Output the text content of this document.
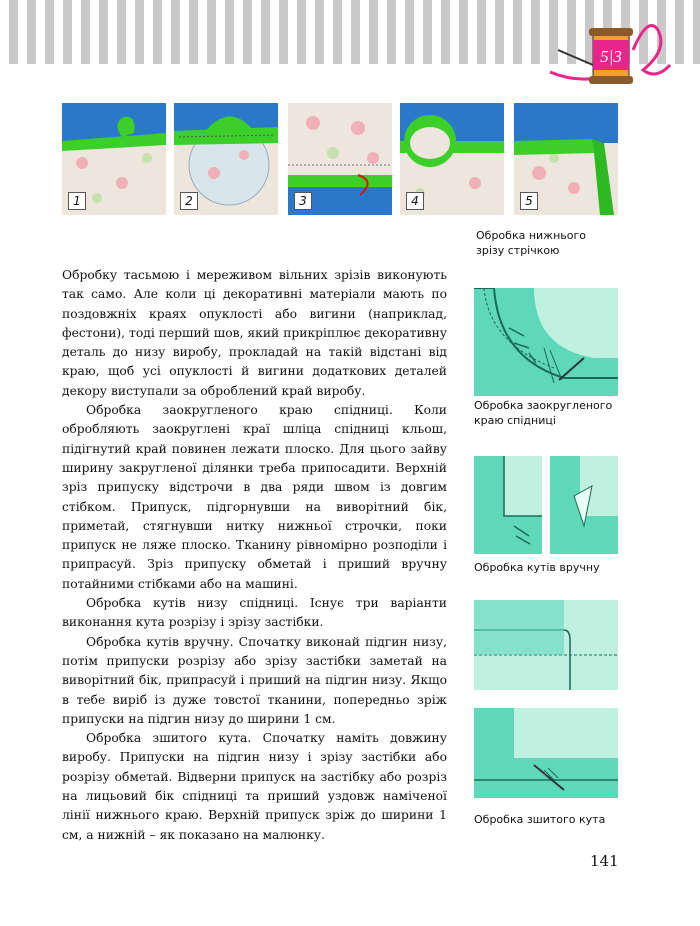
5|3
1	2	3	4	5
Обробка нижнього зрізу стрічкою

Обробку тасьмою і мереживом вільних зрізів виконують так само. Але коли ці декоративні матеріали мають по поздовжніх краях опуклості або вигини (наприклад, фестони), тоді перший шов, який прикріплює декоративну деталь до низу виробу, прокладай на такій відстані від краю, щоб усі опуклості й вигини додаткових деталей декору виступали за оброблений край виробу.

Обробка заокругленого краю спідниці. Коли обробляють заокруглені краї шліца спідниці кльош, підігнутий край повинен лежати плоско. Для цього зайву ширину закругленої ділянки треба припосадити. Верхній зріз припуску відстрочи в два ряди швом із довгим стібком. Припуск, підгорнувши на виворітний бік, приметай, стягнувши нитку нижньої строчки, поки припуск не ляже плоско. Тканину рівномірно розподіли і припрасуй. Зріз припуску обметай і приший вручну потайними стібками або на машині.

Обробка кутів низу спідниці. Існує три варіанти виконання кута розрізу і зрізу застібки.

Обробка кутів вручну. Спочатку виконай підгин низу, потім припуски розрізу або зрізу застібки заметай на виворітний бік, припрасуй і приший на підгин низу. Якщо в тебе виріб із дуже товстої тканини, попередньо зріж припуски на підгин низу до ширини 1 см.

Обробка зшитого кута. Спочатку наміть довжину виробу. Припуски на підгин низу і зрізу застібки або розрізу обметай. Відверни припуск на застібку або розріз на лицьовий бік спідниці та приший уздовж наміченої лінії нижнього краю. Верхній припуск зріж до ширини 1 см, а нижній – як показано на малюнку.

Обробка заокругленого краю спідниці
Обробка кутів вручну
Обробка зшитого кута
141
